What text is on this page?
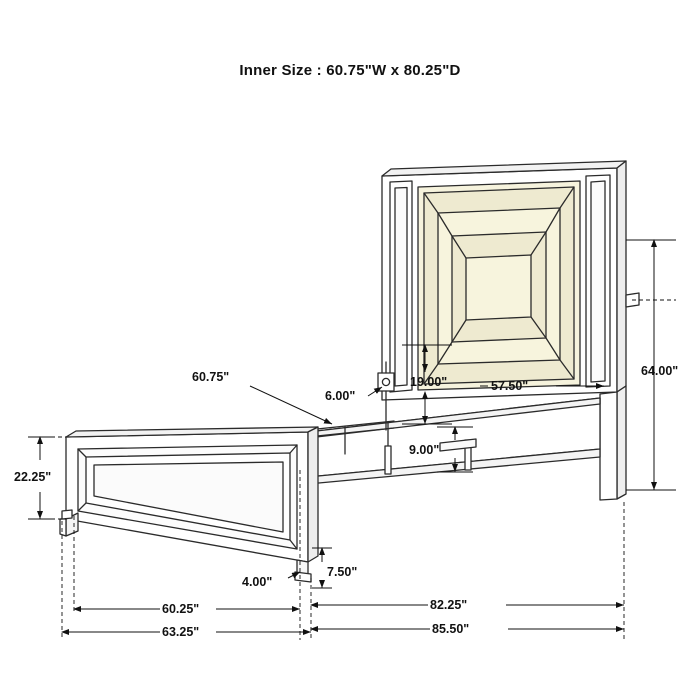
Inner Size : 60.75"W x 80.25"D
60.75"
6.00"
19.00"	57.50"
64.00"
9.00"
22.25"
7.50"
4.00"
60.25"	82.25"
63.25"	85.50"
